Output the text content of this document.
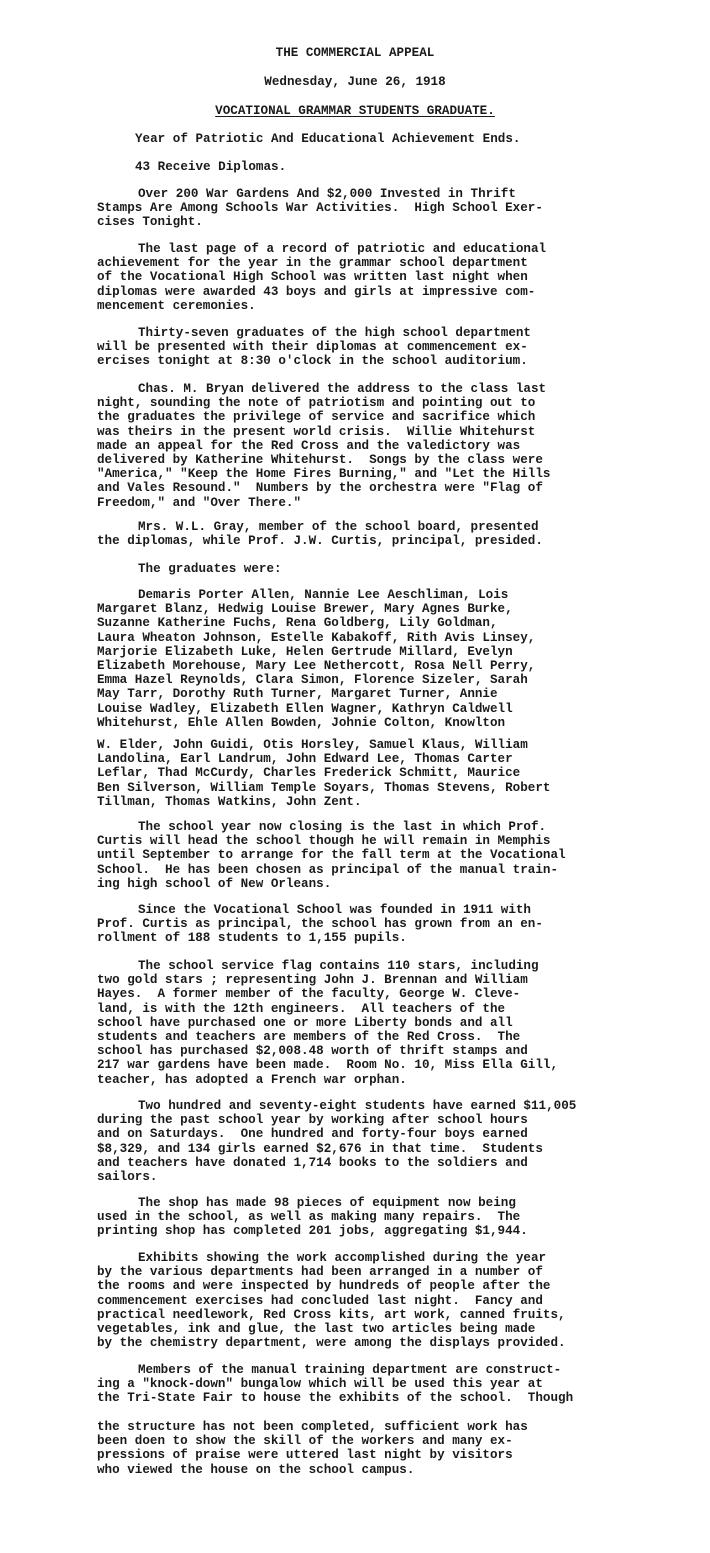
THE COMMERCIAL APPEAL
Wednesday, June 26, 1918
VOCATIONAL GRAMMAR STUDENTS GRADUATE.
Year of Patriotic And Educational Achievement Ends.
43 Receive Diplomas.
Over 200 War Gardens And $2,000 Invested in Thrift
Stamps Are Among Schools War Activities.  High School Exer-
cises Tonight.
The last page of a record of patriotic and educational
achievement for the year in the grammar school department
of the Vocational High School was written last night when
diplomas were awarded 43 boys and girls at impressive com-
mencement ceremonies.
Thirty-seven graduates of the high school department
will be presented with their diplomas at commencement ex-
ercises tonight at 8:30 o'clock in the school auditorium.
Chas. M. Bryan delivered the address to the class last
night, sounding the note of patriotism and pointing out to
the graduates the privilege of service and sacrifice which
was theirs in the present world crisis.  Willie Whitehurst
made an appeal for the Red Cross and the valedictory was
delivered by Katherine Whitehurst.  Songs by the class were
"America," "Keep the Home Fires Burning," and "Let the Hills
and Vales Resound."  Numbers by the orchestra were "Flag of
Freedom," and "Over There."
Mrs. W.L. Gray, member of the school board, presented
the diplomas, while Prof. J.W. Curtis, principal, presided.
The graduates were:
Demaris Porter Allen, Nannie Lee Aeschliman, Lois
Margaret Blanz, Hedwig Louise Brewer, Mary Agnes Burke,
Suzanne Katherine Fuchs, Rena Goldberg, Lily Goldman,
Laura Wheaton Johnson, Estelle Kabakoff, Rith Avis Linsey,
Marjorie Elizabeth Luke, Helen Gertrude Millard, Evelyn
Elizabeth Morehouse, Mary Lee Nethercott, Rosa Nell Perry,
Emma Hazel Reynolds, Clara Simon, Florence Sizeler, Sarah
May Tarr, Dorothy Ruth Turner, Margaret Turner, Annie
Louise Wadley, Elizabeth Ellen Wagner, Kathryn Caldwell
Whitehurst, Ehle Allen Bowden, Johnie Colton, Knowlton
W. Elder, John Guidi, Otis Horsley, Samuel Klaus, William
Landolina, Earl Landrum, John Edward Lee, Thomas Carter
Leflar, Thad McCurdy, Charles Frederick Schmitt, Maurice
Ben Silverson, William Temple Soyars, Thomas Stevens, Robert
Tillman, Thomas Watkins, John Zent.
The school year now closing is the last in which Prof.
Curtis will head the school though he will remain in Memphis
until September to arrange for the fall term at the Vocational
School.  He has been chosen as principal of the manual train-
ing high school of New Orleans.
Since the Vocational School was founded in 1911 with
Prof. Curtis as principal, the school has grown from an en-
rollment of 188 students to 1,155 pupils.
The school service flag contains 110 stars, including
two gold stars ; representing John J. Brennan and William
Hayes.  A former member of the faculty, George W. Cleve-
land, is with the 12th engineers.  All teachers of the
school have purchased one or more Liberty bonds and all
students and teachers are members of the Red Cross.  The
school has purchased $2,008.48 worth of thrift stamps and
217 war gardens have been made.  Room No. 10, Miss Ella Gill,
teacher, has adopted a French war orphan.
Two hundred and seventy-eight students have earned $11,005
during the past school year by working after school hours
and on Saturdays.  One hundred and forty-four boys earned
$8,329, and 134 girls earned $2,676 in that time.  Students
and teachers have donated 1,714 books to the soldiers and
sailors.
The shop has made 98 pieces of equipment now being
used in the school, as well as making many repairs.  The
printing shop has completed 201 jobs, aggregating $1,944.
Exhibits showing the work accomplished during the year
by the various departments had been arranged in a number of
the rooms and were inspected by hundreds of people after the
commencement exercises had concluded last night.  Fancy and
practical needlework, Red Cross kits, art work, canned fruits,
vegetables, ink and glue, the last two articles being made
by the chemistry department, were among the displays provided.
Members of the manual training department are construct-
ing a "knock-down" bungalow which will be used this year at
the Tri-State Fair to house the exhibits of the school.  Though
the structure has not been completed, sufficient work has
been doen to show the skill of the workers and many ex-
pressions of praise were uttered last night by visitors
who viewed the house on the school campus.
